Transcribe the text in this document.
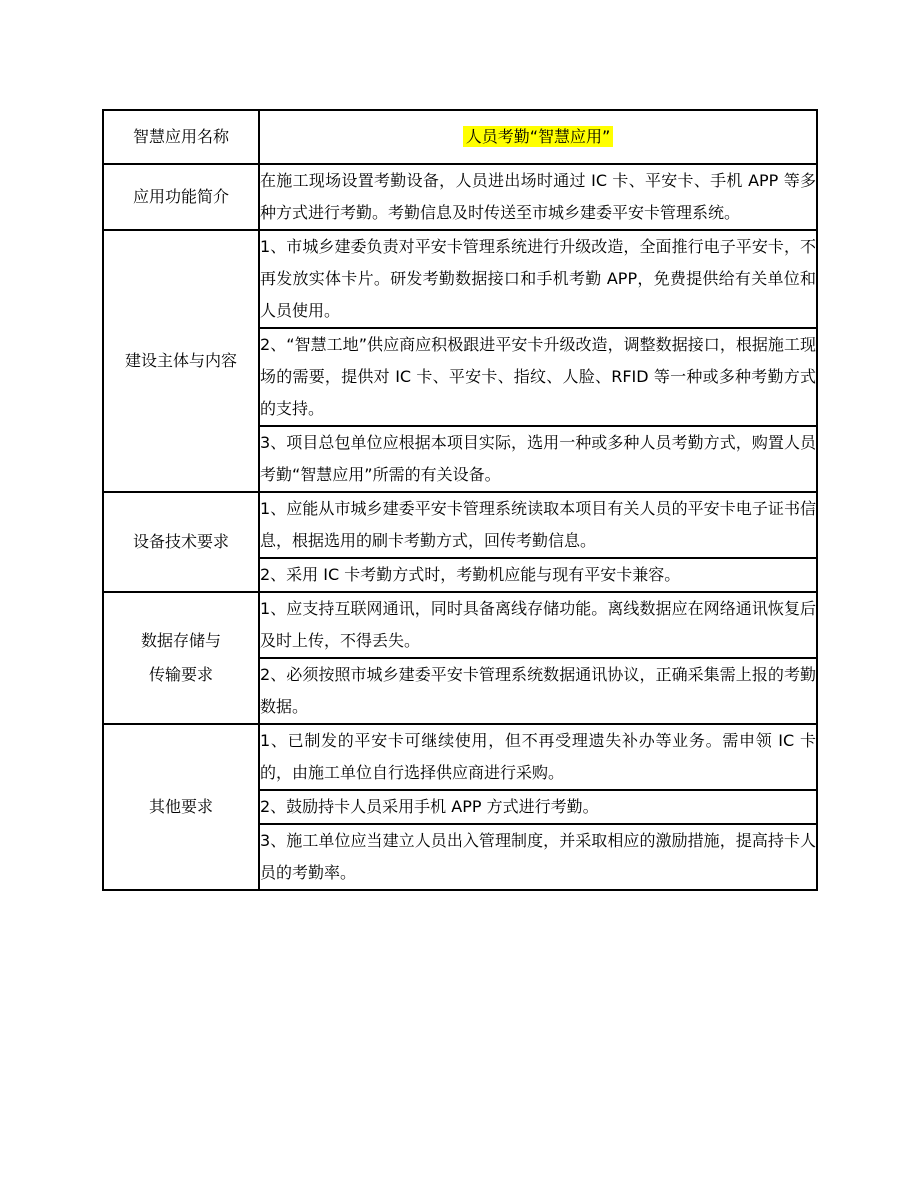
智慧应用名称	人员考勤“智慧应用”

应用功能简介	在施工现场设置考勤设备，人员进出场时通过 IC 卡、平安卡、手机 APP 等多种方式进行考勤。考勤信息及时传送至市城乡建委平安卡管理系统。

建设主体与内容	1、市城乡建委负责对平安卡管理系统进行升级改造，全面推行电子平安卡，不再发放实体卡片。研发考勤数据接口和手机考勤 APP，免费提供给有关单位和人员使用。

	2、“智慧工地”供应商应积极跟进平安卡升级改造，调整数据接口，根据施工现场的需要，提供对 IC 卡、平安卡、指纹、人脸、RFID 等一种或多种考勤方式的支持。

	3、项目总包单位应根据本项目实际，选用一种或多种人员考勤方式，购置人员考勤“智慧应用”所需的有关设备。

设备技术要求	1、应能从市城乡建委平安卡管理系统读取本项目有关人员的平安卡电子证书信息，根据选用的刷卡考勤方式，回传考勤信息。

	2、采用 IC 卡考勤方式时，考勤机应能与现有平安卡兼容。

数据存储与
传输要求	1、应支持互联网通讯，同时具备离线存储功能。离线数据应在网络通讯恢复后及时上传，不得丢失。

	2、必须按照市城乡建委平安卡管理系统数据通讯协议，正确采集需上报的考勤数据。

其他要求	1、已制发的平安卡可继续使用，但不再受理遗失补办等业务。需申领 IC 卡的，由施工单位自行选择供应商进行采购。

	2、鼓励持卡人员采用手机 APP 方式进行考勤。

	3、施工单位应当建立人员出入管理制度，并采取相应的激励措施，提高持卡人员的考勤率。
